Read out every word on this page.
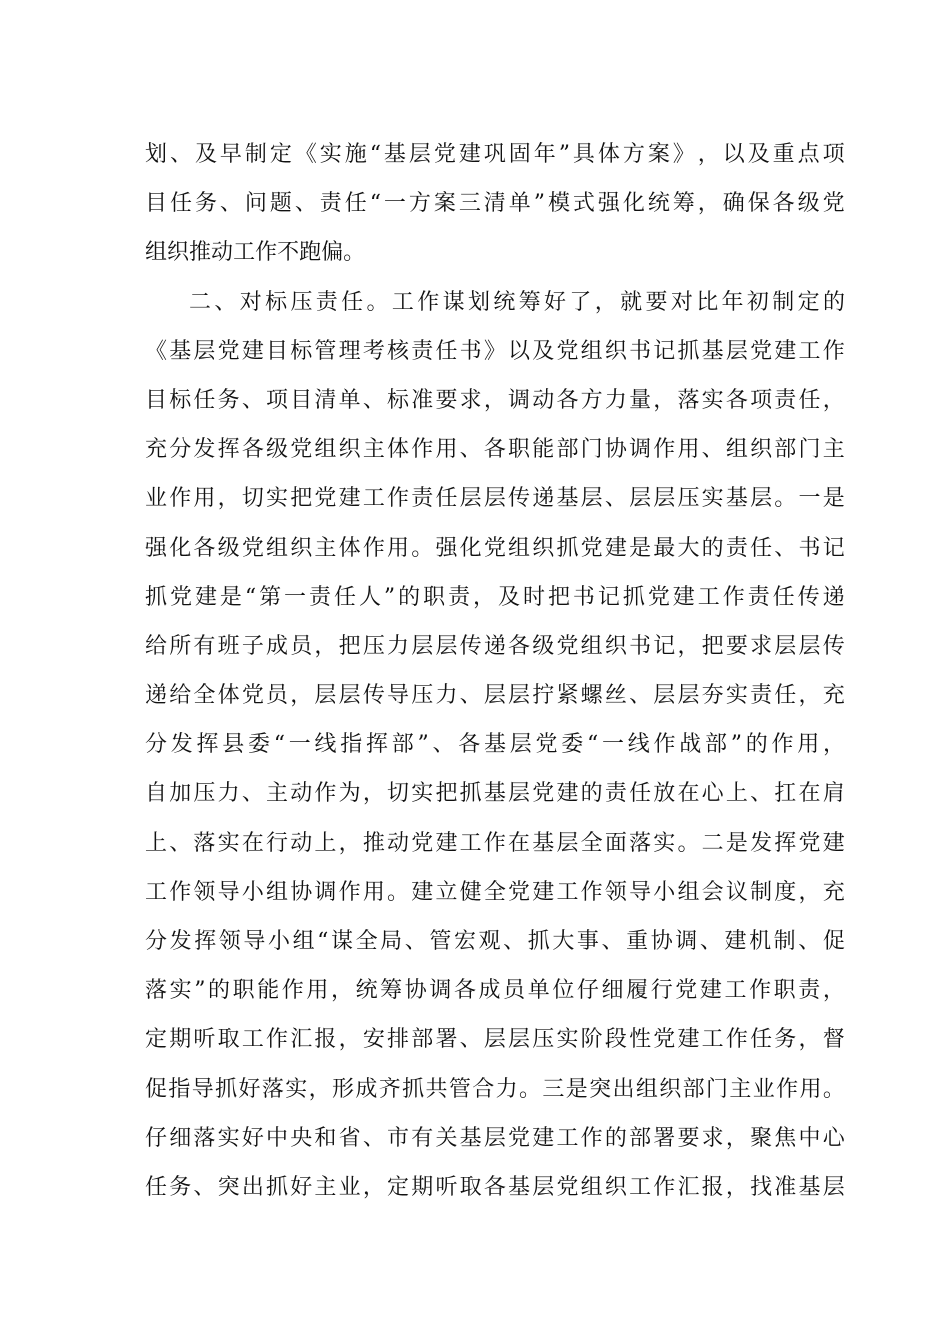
划 、 及 早 制 定 《 实 施 “ 基 层 党 建 巩 固 年 ” 具 体 方 案 》 ， 以 及 重 点 项
目 任 务 、 问 题 、 责 任 “ 一 方 案 三 清 单 ” 模 式 强 化 统 筹 ， 确 保 各 级 党
组 织 推 动 工 作 不 跑 偏 。
二 、 对 标 压 责 任 。 工 作 谋 划 统 筹 好 了 ， 就 要 对 比 年 初 制 定 的
《 基 层 党 建 目 标 管 理 考 核 责 任 书 》 以 及 党 组 织 书 记 抓 基 层 党 建 工 作
目 标 任 务 、 项 目 清 单 、 标 准 要 求 ， 调 动 各 方 力 量 ， 落 实 各 项 责 任 ，
充 分 发 挥 各 级 党 组 织 主 体 作 用 、 各 职 能 部 门 协 调 作 用 、 组 织 部 门 主
业 作 用 ， 切 实 把 党 建 工 作 责 任 层 层 传 递 基 层 、 层 层 压 实 基 层 。 一 是
强 化 各 级 党 组 织 主 体 作 用 。 强 化 党 组 织 抓 党 建 是 最 大 的 责 任 、 书 记
抓 党 建 是 “ 第 一 责 任 人 ” 的 职 责 ， 及 时 把 书 记 抓 党 建 工 作 责 任 传 递
给 所 有 班 子 成 员 ， 把 压 力 层 层 传 递 各 级 党 组 织 书 记 ， 把 要 求 层 层 传
递 给 全 体 党 员 ， 层 层 传 导 压 力 、 层 层 拧 紧 螺 丝 、 层 层 夯 实 责 任 ， 充
分 发 挥 县 委 “ 一 线 指 挥 部 ” 、 各 基 层 党 委 “ 一 线 作 战 部 ” 的 作 用 ，
自 加 压 力 、 主 动 作 为 ， 切 实 把 抓 基 层 党 建 的 责 任 放 在 心 上 、 扛 在 肩
上 、 落 实 在 行 动 上 ， 推 动 党 建 工 作 在 基 层 全 面 落 实 。 二 是 发 挥 党 建
工 作 领 导 小 组 协 调 作 用 。 建 立 健 全 党 建 工 作 领 导 小 组 会 议 制 度 ， 充
分 发 挥 领 导 小 组 “ 谋 全 局 、 管 宏 观 、 抓 大 事 、 重 协 调 、 建 机 制 、 促
落 实 ” 的 职 能 作 用 ， 统 筹 协 调 各 成 员 单 位 仔 细 履 行 党 建 工 作 职 责 ，
定 期 听 取 工 作 汇 报 ， 安 排 部 署 、 层 层 压 实 阶 段 性 党 建 工 作 任 务 ， 督
促 指 导 抓 好 落 实 ， 形 成 齐 抓 共 管 合 力 。 三 是 突 出 组 织 部 门 主 业 作 用 。
仔 细 落 实 好 中 央 和 省 、 市 有 关 基 层 党 建 工 作 的 部 署 要 求 ， 聚 焦 中 心
任 务 、 突 出 抓 好 主 业 ， 定 期 听 取 各 基 层 党 组 织 工 作 汇 报 ， 找 准 基 层
